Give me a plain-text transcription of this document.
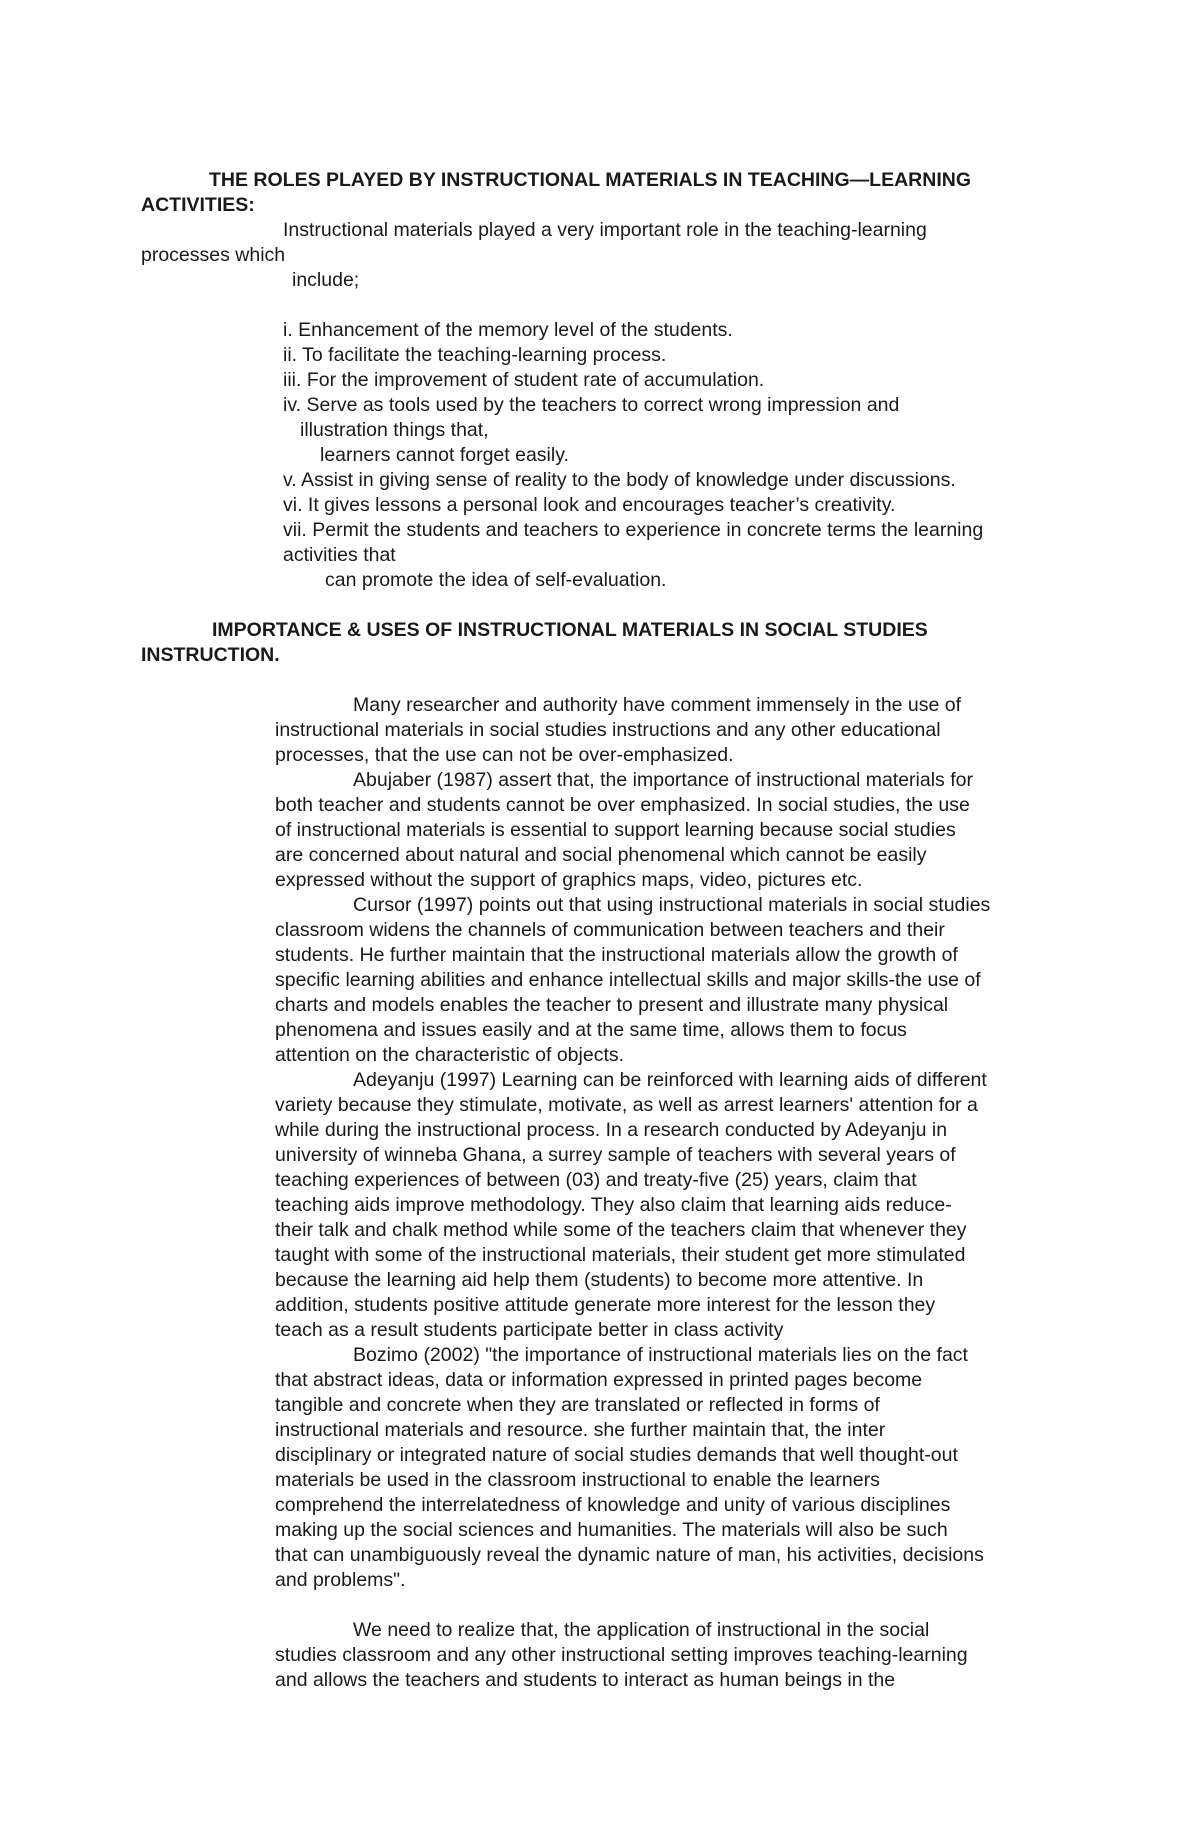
THE ROLES PLAYED BY INSTRUCTIONAL MATERIALS IN TEACHING—LEARNING
ACTIVITIES:
Instructional materials played a very important role in the teaching-learning
processes which
include;
i. Enhancement of the memory level of the students.
ii. To facilitate the teaching-learning process.
iii. For the improvement of student rate of accumulation.
iv. Serve as tools used by the teachers to correct wrong impression and
illustration things that,
learners cannot forget easily.
v. Assist in giving sense of reality to the body of knowledge under discussions.
vi. It gives lessons a personal look and encourages teacher’s creativity.
vii. Permit the students and teachers to experience in concrete terms the learning
activities that
can promote the idea of self-evaluation.
IMPORTANCE & USES OF INSTRUCTIONAL MATERIALS IN SOCIAL STUDIES
INSTRUCTION.
Many researcher and authority have comment immensely in the use of
instructional materials in social studies instructions and any other educational
processes, that the use can not be over-emphasized.
Abujaber (1987) assert that, the importance of instructional materials for
both teacher and students cannot be over emphasized. In social studies, the use
of instructional materials is essential to support learning because social studies
are concerned about natural and social phenomenal which cannot be easily
expressed without the support of graphics maps, video, pictures etc.
Cursor (1997) points out that using instructional materials in social studies
classroom widens the channels of communication between teachers and their
students. He further maintain that the instructional materials allow the growth of
specific learning abilities and enhance intellectual skills and major skills-the use of
charts and models enables the teacher to present and illustrate many physical
phenomena and issues easily and at the same time, allows them to focus
attention on the characteristic of objects.
Adeyanju (1997) Learning can be reinforced with learning aids of different
variety because they stimulate, motivate, as well as arrest learners' attention for a
while during the instructional process. In a research conducted by Adeyanju in
university of winneba Ghana, a surrey sample of teachers with several years of
teaching experiences of between (03) and treaty-five (25) years, claim that
teaching aids improve methodology. They also claim that learning aids reduce-
their talk and chalk method while some of the teachers claim that whenever they
taught with some of the instructional materials, their student get more stimulated
because the learning aid help them (students) to become more attentive. In
addition, students positive attitude generate more interest for the lesson they
teach as a result students participate better in class activity
Bozimo (2002) "the importance of instructional materials lies on the fact
that abstract ideas, data or information expressed in printed pages become
tangible and concrete when they are translated or reflected in forms of
instructional materials and resource. she further maintain that, the inter
disciplinary or integrated nature of social studies demands that well thought-out
materials be used in the classroom instructional to enable the learners
comprehend the interrelatedness of knowledge and unity of various disciplines
making up the social sciences and humanities. The materials will also be such
that can unambiguously reveal the dynamic nature of man, his activities, decisions
and problems".
We need to realize that, the application of instructional in the social
studies classroom and any other instructional setting improves teaching-learning
and allows the teachers and students to interact as human beings in the
